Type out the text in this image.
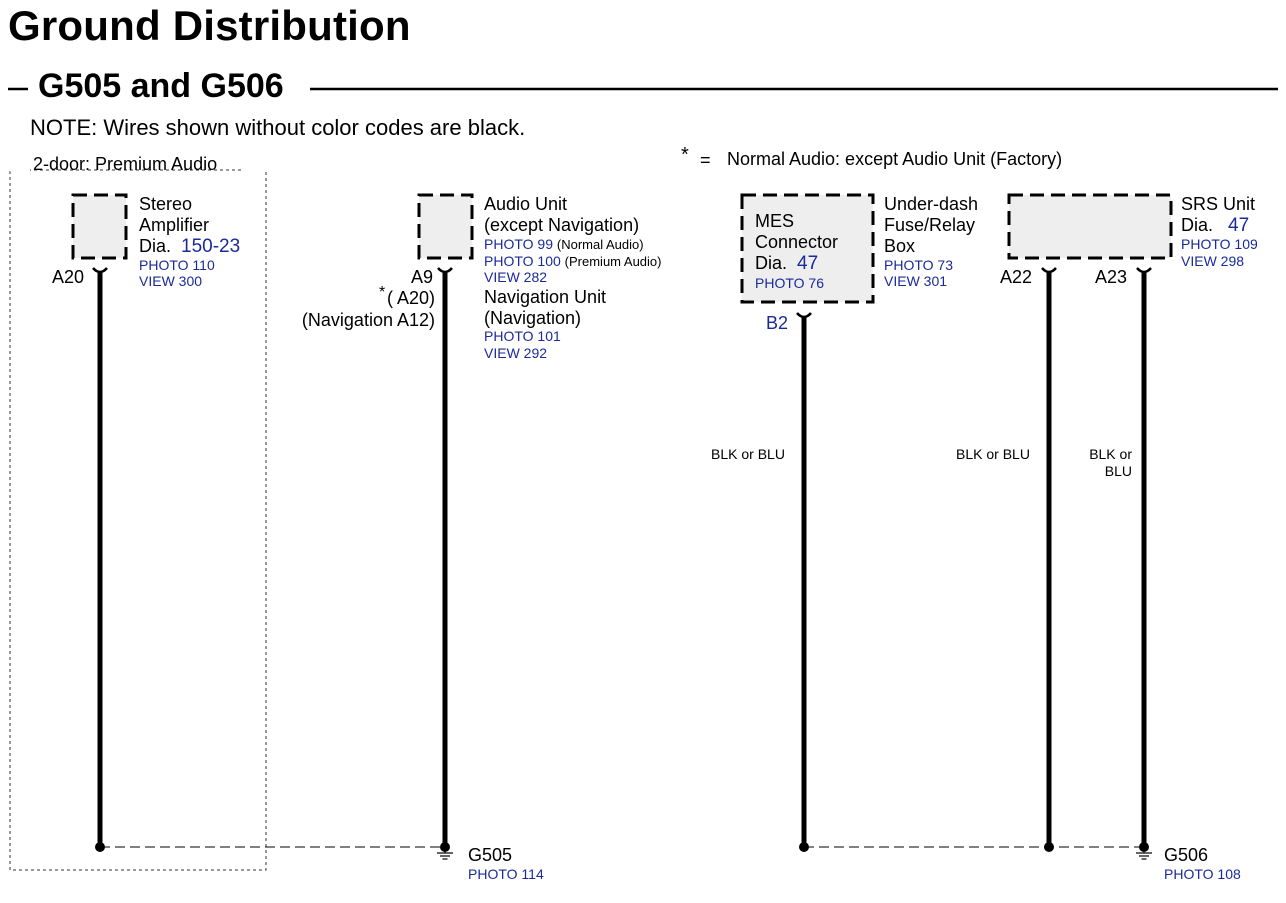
Ground Distribution
G505 and G506
NOTE: Wires shown without color codes are black.
* = Normal Audio: except Audio Unit (Factory)
2-door: Premium Audio
Stereo
Amplifier
Dia. 150-23
PHOTO 110
VIEW 300
A20
Audio Unit
(except Navigation)
PHOTO 99 (Normal Audio)
PHOTO 100 (Premium Audio)
VIEW 282
Navigation Unit
(Navigation)
PHOTO 101
VIEW 292
A9
* ( A20)
(Navigation A12)
MES
Connector
Dia. 47
PHOTO 76
Under-dash
Fuse/Relay
Box
PHOTO 73
VIEW 301
B2
SRS Unit
Dia. 47
PHOTO 109
VIEW 298
A22	A23
BLK or BLU	BLK or BLU	BLK or
BLU
G505
PHOTO 114
G506
PHOTO 108
